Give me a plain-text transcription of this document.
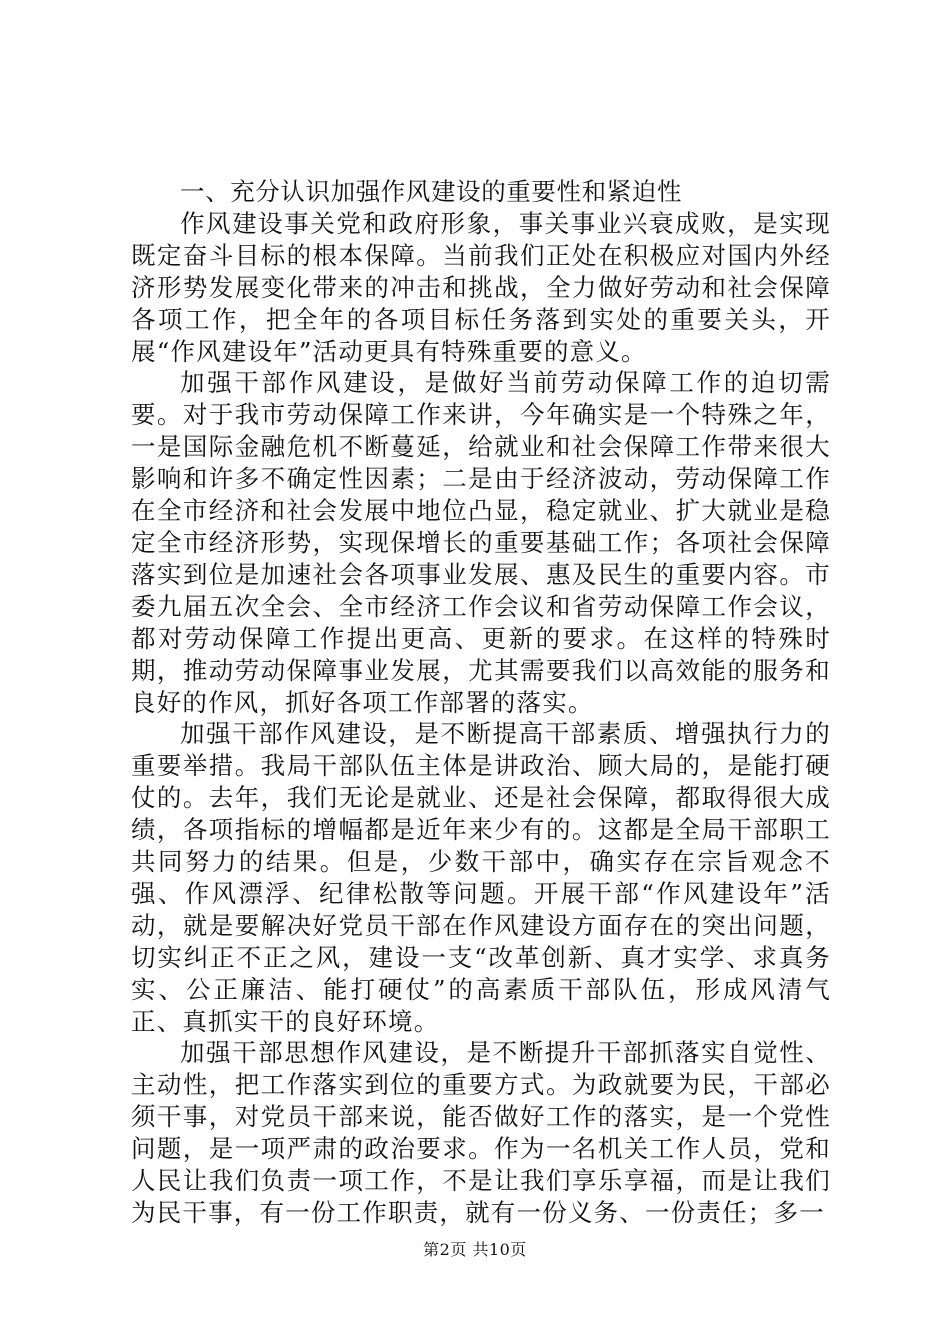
一、充分认识加强作风建设的重要性和紧迫性

作风建设事关党和政府形象，事关事业兴衰成败，是实现既定奋斗目标的根本保障。当前我们正处在积极应对国内外经济形势发展变化带来的冲击和挑战，全力做好劳动和社会保障各项工作，把全年的各项目标任务落到实处的重要关头，开展“作风建设年”活动更具有特殊重要的意义。

加强干部作风建设，是做好当前劳动保障工作的迫切需要。对于我市劳动保障工作来讲，今年确实是一个特殊之年，一是国际金融危机不断蔓延，给就业和社会保障工作带来很大影响和许多不确定性因素；二是由于经济波动，劳动保障工作在全市经济和社会发展中地位凸显，稳定就业、扩大就业是稳定全市经济形势，实现保增长的重要基础工作；各项社会保障落实到位是加速社会各项事业发展、惠及民生的重要内容。市委九届五次全会、全市经济工作会议和省劳动保障工作会议，都对劳动保障工作提出更高、更新的要求。在这样的特殊时期，推动劳动保障事业发展，尤其需要我们以高效能的服务和良好的作风，抓好各项工作部署的落实。

加强干部作风建设，是不断提高干部素质、增强执行力的重要举措。我局干部队伍主体是讲政治、顾大局的，是能打硬仗的。去年，我们无论是就业、还是社会保障，都取得很大成绩，各项指标的增幅都是近年来少有的。这都是全局干部职工共同努力的结果。但是，少数干部中，确实存在宗旨观念不强、作风漂浮、纪律松散等问题。开展干部“作风建设年”活动，就是要解决好党员干部在作风建设方面存在的突出问题，切实纠正不正之风，建设一支“改革创新、真才实学、求真务实、公正廉洁、能打硬仗”的高素质干部队伍，形成风清气正、真抓实干的良好环境。

加强干部思想作风建设，是不断提升干部抓落实自觉性、主动性，把工作落实到位的重要方式。为政就要为民，干部必须干事，对党员干部来说，能否做好工作的落实，是一个党性问题，是一项严肃的政治要求。作为一名机关工作人员，党和人民让我们负责一项工作，不是让我们享乐享福，而是让我们为民干事，有一份工作职责，就有一份义务、一份责任；多一

第2页 共10页
